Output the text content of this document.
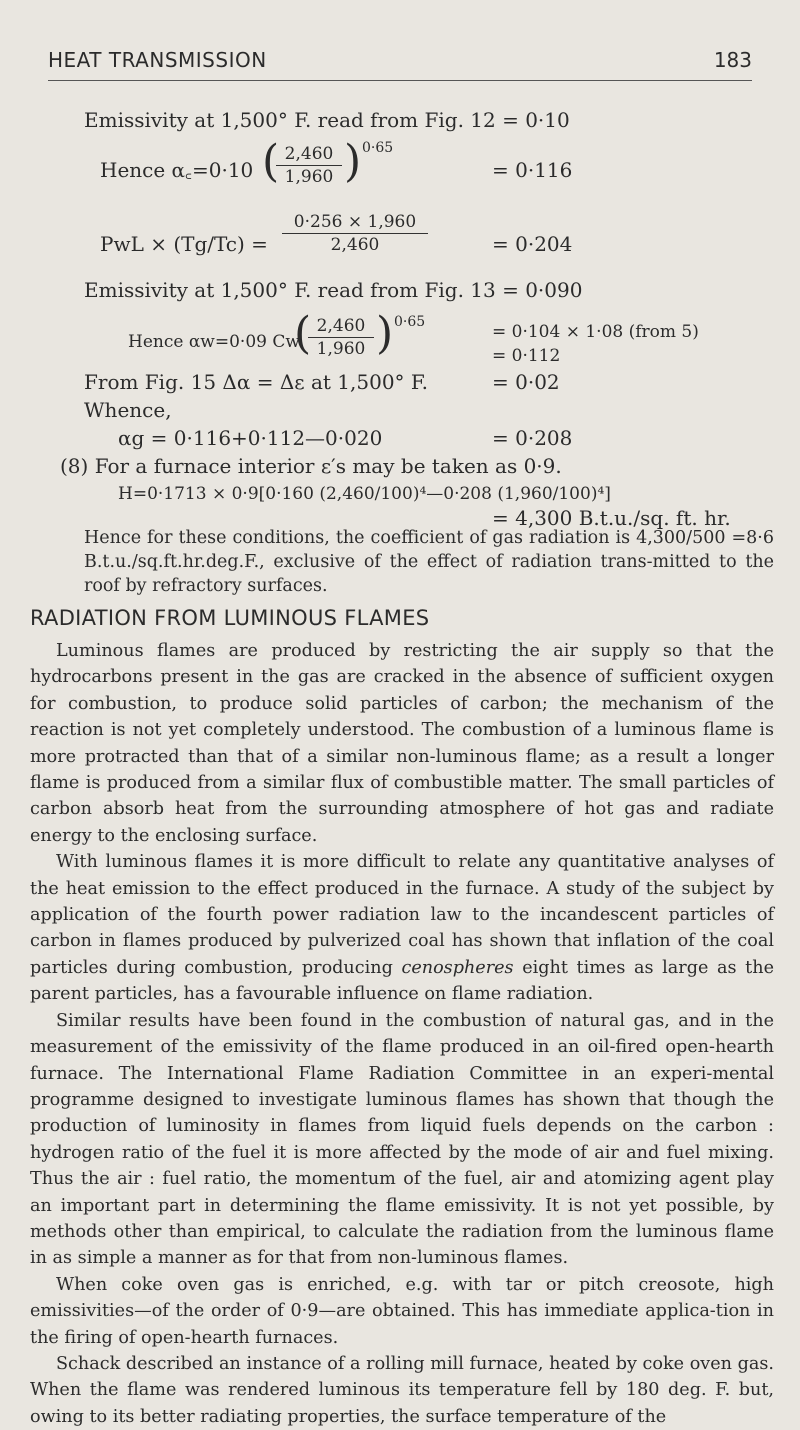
HEAT TRANSMISSION	183
Emissivity at 1,500° F. read from Fig. 12 = 0·10
Hence α꜀=0·10 ( 2,460
1,960 ) 0·65
= 0·116
PwL × (Tg/Tc) =
0·256 × 1,960
2,460	= 0·204
Emissivity at 1,500° F. read from Fig. 13 = 0·090
Hence αw=0·09 Cw
( 2,460
1,960 ) 0·65	= 0·104 × 1·08 (from 5)
= 0·112
From Fig. 15 Δα = Δε at 1,500° F.	= 0·02
Whence,
αg = 0·116+0·112—0·020	= 0·208
(8) For a furnace interior ε′s may be taken as 0·9.
H=0·1713 × 0·9[0·160 (2,460/100)⁴—0·208 (1,960/100)⁴]
= 4,300 B.t.u./sq. ft. hr.

Hence for these conditions, the coefficient of gas radiation is 4,300/500 =8·6 B.t.u./sq.ft.hr.deg.F., exclusive of the effect of radiation trans-mitted to the roof by refractory surfaces.

RADIATION FROM LUMINOUS FLAMES

Luminous flames are produced by restricting the air supply so that the hydrocarbons present in the gas are cracked in the absence of sufficient oxygen for combustion, to produce solid particles of carbon; the mechanism of the reaction is not yet completely understood. The combustion of a luminous flame is more protracted than that of a similar non-luminous flame; as a result a longer flame is produced from a similar flux of combustible matter. The small particles of carbon absorb heat from the surrounding atmosphere of hot gas and radiate energy to the enclosing surface.

With luminous flames it is more difficult to relate any quantitative analyses of the heat emission to the effect produced in the furnace. A study of the subject by application of the fourth power radiation law to the incandescent particles of carbon in flames produced by pulverized coal has shown that inflation of the coal particles during combustion, producing cenospheres eight times as large as the parent particles, has a favourable influence on flame radiation.

Similar results have been found in the combustion of natural gas, and in the measurement of the emissivity of the flame produced in an oil-fired open-hearth furnace. The International Flame Radiation Committee in an experi-mental programme designed to investigate luminous flames has shown that though the production of luminosity in flames from liquid fuels depends on the carbon : hydrogen ratio of the fuel it is more affected by the mode of air and fuel mixing. Thus the air : fuel ratio, the momentum of the fuel, air and atomizing agent play an important part in determining the flame emissivity. It is not yet possible, by methods other than empirical, to calculate the radiation from the luminous flame in as simple a manner as for that from non-luminous flames.

When coke oven gas is enriched, e.g. with tar or pitch creosote, high emissivities—of the order of 0·9—are obtained. This has immediate applica-tion in the firing of open-hearth furnaces.

Schack described an instance of a rolling mill furnace, heated by coke oven gas. When the flame was rendered luminous its temperature fell by 180 deg. F. but, owing to its better radiating properties, the surface temperature of the
